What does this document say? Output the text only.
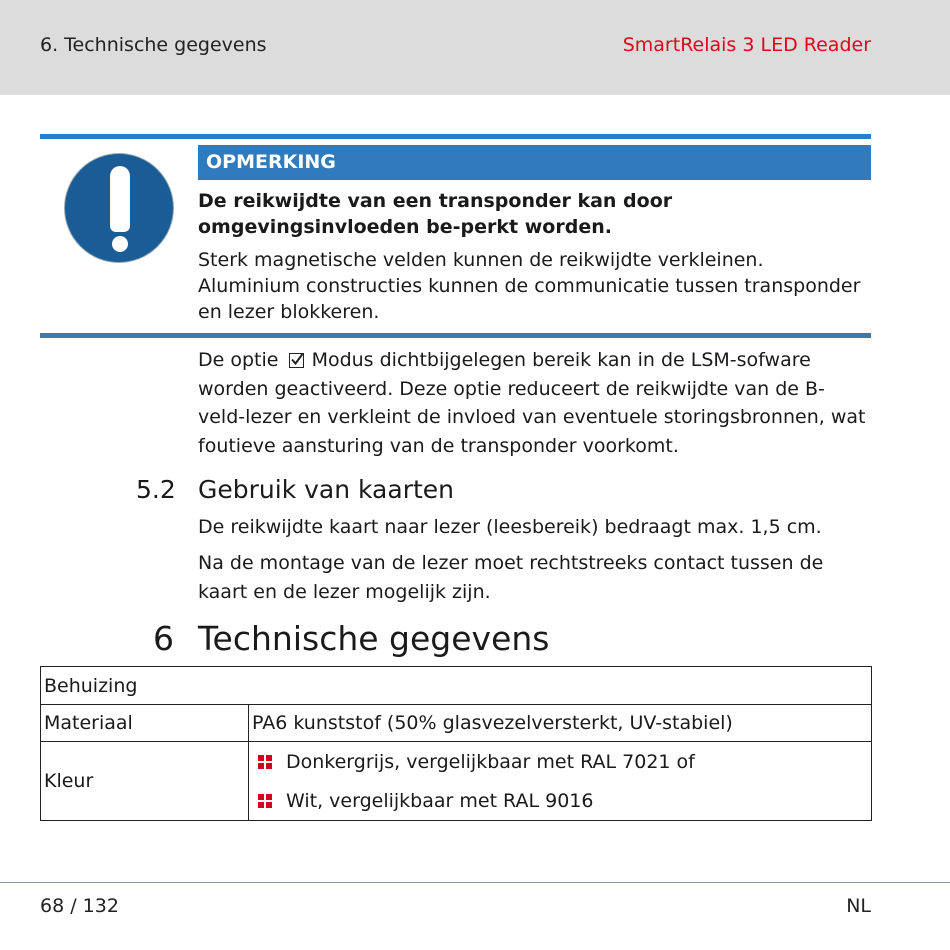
6. Technische gegevens	SmartRelais 3 LED Reader
OPMERKING
De reikwijdte van een transponder kan door omgevingsinvloeden be-perkt worden.
Sterk magnetische velden kunnen de reikwijdte verkleinen. Aluminium constructies kunnen de communicatie tussen transponder en lezer blokkeren.
De optie Modus dichtbijgelegen bereik kan in de LSM-sofware worden geactiveerd. Deze optie reduceert de reikwijdte van de B-veld-lezer en verkleint de invloed van eventuele storingsbronnen, wat foutieve aansturing van de transponder voorkomt.
5.2 Gebruik van kaarten
De reikwijdte kaart naar lezer (leesbereik) bedraagt max. 1,5 cm.
Na de montage van de lezer moet rechtstreeks contact tussen de kaart en de lezer mogelijk zijn.
6 Technische gegevens
Behuizing	
Materiaal	PA6 kunststof (50% glasvezelversterkt, UV-stabiel)
Kleur	Donkergrijs, vergelijkbaar met RAL 7021 of
Wit, vergelijkbaar met RAL 9016
68 / 132	NL
